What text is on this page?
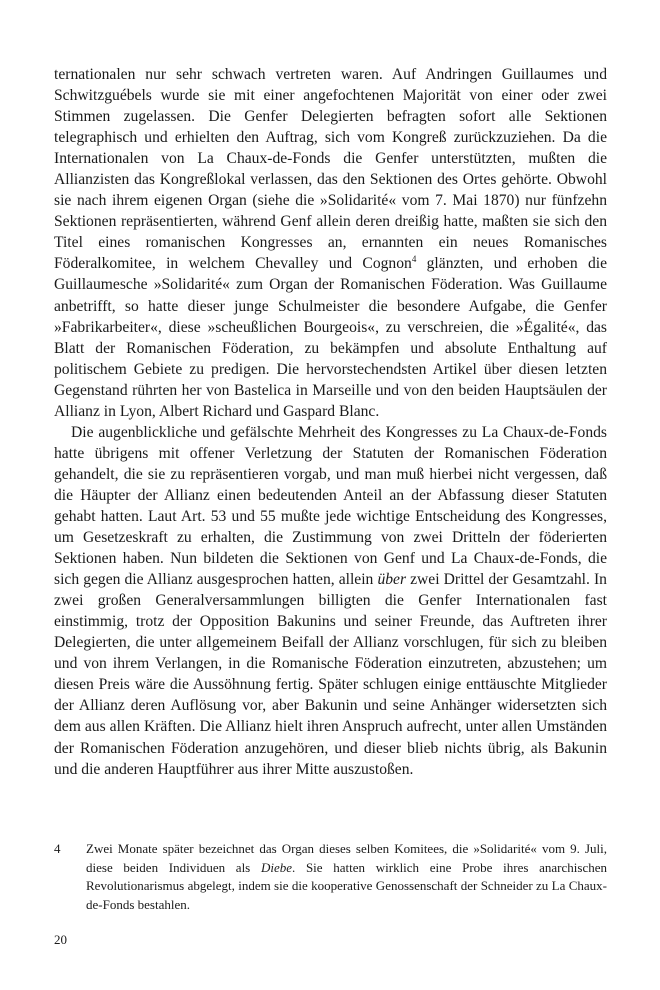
ternationalen nur sehr schwach vertreten waren. Auf Andringen Guillaumes und Schwitzguébels wurde sie mit einer angefochtenen Majorität von einer oder zwei Stimmen zugelassen. Die Genfer Delegierten befragten sofort alle Sektionen telegraphisch und erhielten den Auftrag, sich vom Kongreß zurückzuziehen. Da die Internationalen von La Chaux-de-Fonds die Genfer unterstützten, mußten die Allianzisten das Kongreßlokal verlassen, das den Sektionen des Ortes gehörte. Obwohl sie nach ihrem eigenen Organ (siehe die »Solidarité« vom 7. Mai 1870) nur fünfzehn Sektionen repräsentierten, während Genf allein deren dreißig hatte, maßten sie sich den Titel eines romanischen Kongresses an, ernannten ein neues Romanisches Föderalkomitee, in welchem Chevalley und Cognon$^4$ glänzten, und erhoben die Guillaumesche »Solidarité« zum Organ der Romanischen Föderation. Was Guillaume anbetrifft, so hatte dieser junge Schulmeister die besondere Aufgabe, die Genfer »Fabrikarbeiter«, diese »scheußlichen Bourgeois«, zu verschreien, die »Égalité«, das Blatt der Romanischen Föderation, zu bekämpfen und absolute Enthaltung auf politischem Gebiete zu predigen. Die hervorstechendsten Artikel über diesen letzten Gegenstand rührten her von Bastelica in Marseille und von den beiden Hauptsäulen der Allianz in Lyon, Albert Richard und Gaspard Blanc.

Die augenblickliche und gefälschte Mehrheit des Kongresses zu La Chaux-de-Fonds hatte übrigens mit offener Verletzung der Statuten der Romanischen Föderation gehandelt, die sie zu repräsentieren vorgab, und man muß hierbei nicht vergessen, daß die Häupter der Allianz einen bedeutenden Anteil an der Abfassung dieser Statuten gehabt hatten. Laut Art. 53 und 55 mußte jede wichtige Entscheidung des Kongresses, um Gesetzeskraft zu erhalten, die Zustimmung von zwei Dritteln der föderierten Sektionen haben. Nun bildeten die Sektionen von Genf und La Chaux-de-Fonds, die sich gegen die Allianz ausgesprochen hatten, allein über zwei Drittel der Gesamtzahl. In zwei großen Generalversammlungen billigten die Genfer Internationalen fast einstimmig, trotz der Opposition Bakunins und seiner Freunde, das Auftreten ihrer Delegierten, die unter allgemeinem Beifall der Allianz vorschlugen, für sich zu bleiben und von ihrem Verlangen, in die Romanische Föderation einzutreten, abzustehen; um diesen Preis wäre die Aussöhnung fertig. Später schlugen einige enttäuschte Mitglieder der Allianz deren Auflösung vor, aber Bakunin und seine Anhänger widersetzten sich dem aus allen Kräften. Die Allianz hielt ihren Anspruch aufrecht, unter allen Umständen der Romanischen Föderation anzugehören, und dieser blieb nichts übrig, als Bakunin und die anderen Hauptführer aus ihrer Mitte auszustoßen.

4	Zwei Monate später bezeichnet das Organ dieses selben Komitees, die »Solidarité« vom 9. Juli, diese beiden Individuen als Diebe. Sie hatten wirklich eine Probe ihres anarchischen Revolutionarismus abgelegt, indem sie die kooperative Genossenschaft der Schneider zu La Chaux-de-Fonds bestahlen.
20
